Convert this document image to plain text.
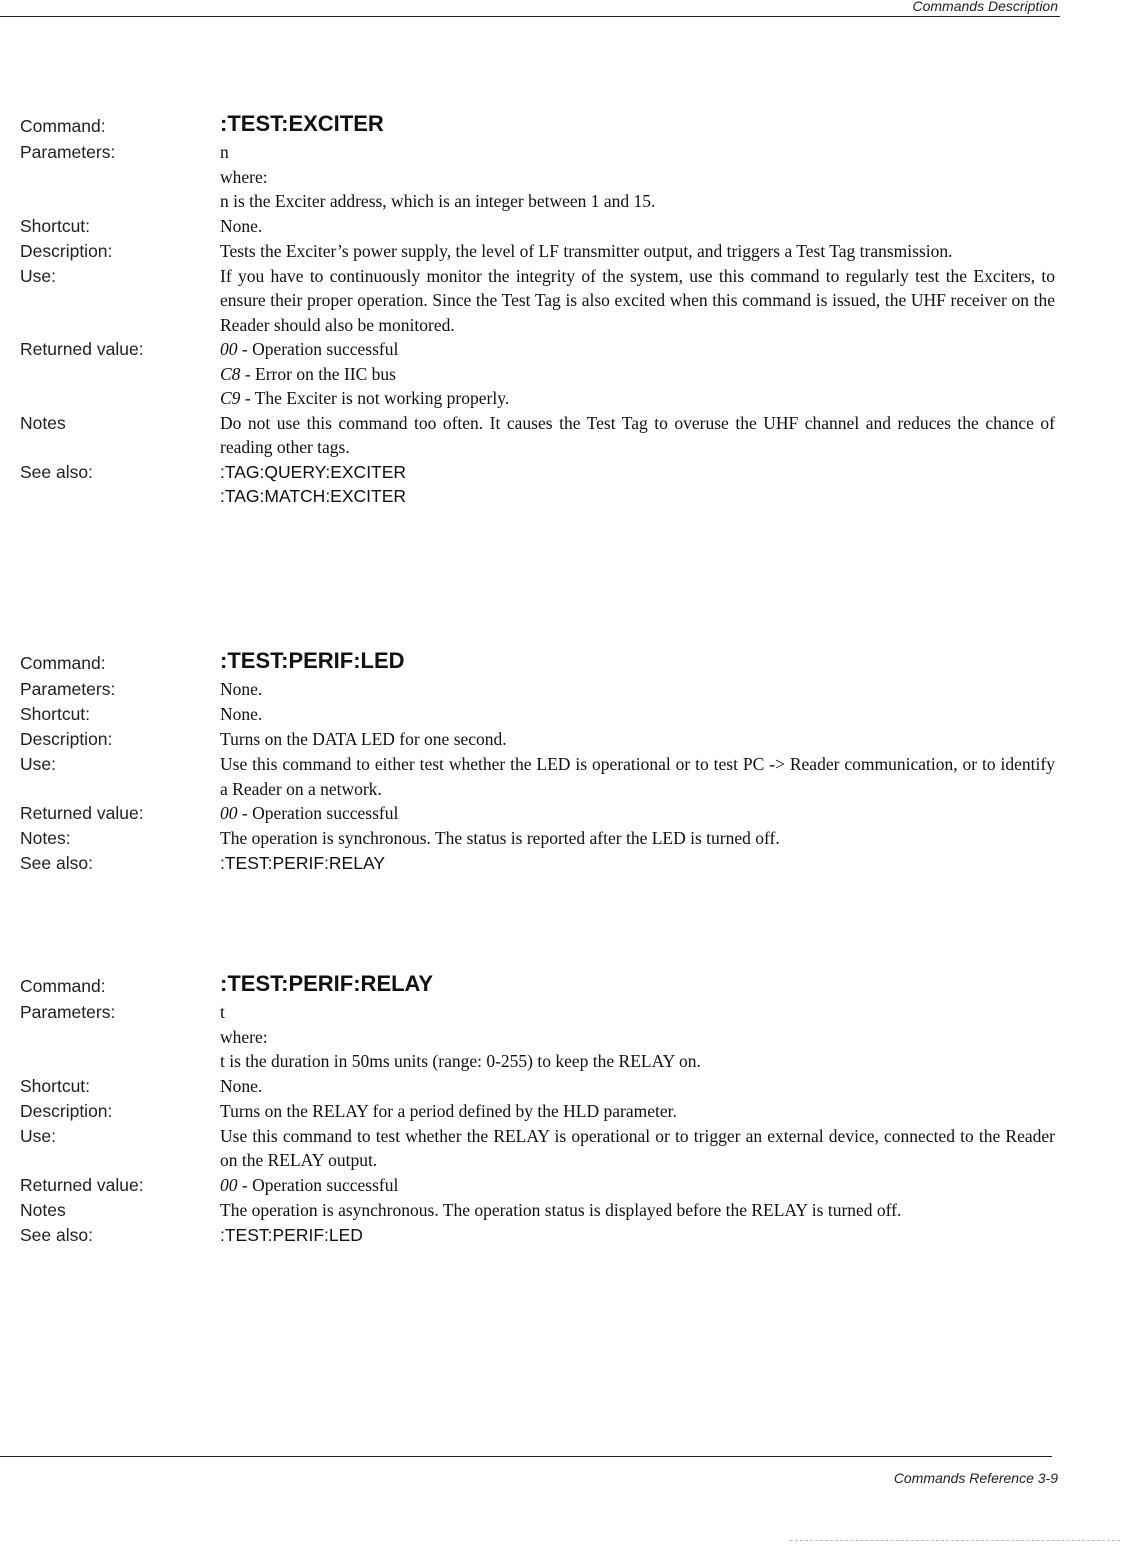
Commands Description
Command:	:TEST:EXCITER
Parameters:	n
where:
n is the Exciter address, which is an integer between 1 and 15.
Shortcut:	None.
Description:	Tests the Exciter’s power supply, the level of LF transmitter output, and triggers a Test Tag transmission.
Use:	If you have to continuously monitor the integrity of the system, use this command to regularly test the Exciters, to ensure their proper operation. Since the Test Tag is also excited when this command is issued, the UHF receiver on the Reader should also be monitored.
Returned value:	00 - Operation successful
C8 - Error on the IIC bus
C9 - The Exciter is not working properly.
Notes	Do not use this command too often. It causes the Test Tag to overuse the UHF channel and reduces the chance of reading other tags.
See also:	:TAG:QUERY:EXCITER
:TAG:MATCH:EXCITER
Command:	:TEST:PERIF:LED
Parameters:	None.
Shortcut:	None.
Description:	Turns on the DATA LED for one second.
Use:	Use this command to either test whether the LED is operational or to test PC -> Reader communication, or to identify a Reader on a network.
Returned value:	00 - Operation successful
Notes:	The operation is synchronous. The status is reported after the LED is turned off.
See also:	:TEST:PERIF:RELAY
Command:	:TEST:PERIF:RELAY
Parameters:	t
where:
t is the duration in 50ms units (range: 0-255) to keep the RELAY on.
Shortcut:	None.
Description:	Turns on the RELAY for a period defined by the HLD parameter.
Use:	Use this command to test whether the RELAY is operational or to trigger an external device, connected to the Reader on the RELAY output.
Returned value:	00 - Operation successful
Notes	The operation is asynchronous. The operation status is displayed before the RELAY is turned off.
See also:	:TEST:PERIF:LED
Commands Reference 3-9
